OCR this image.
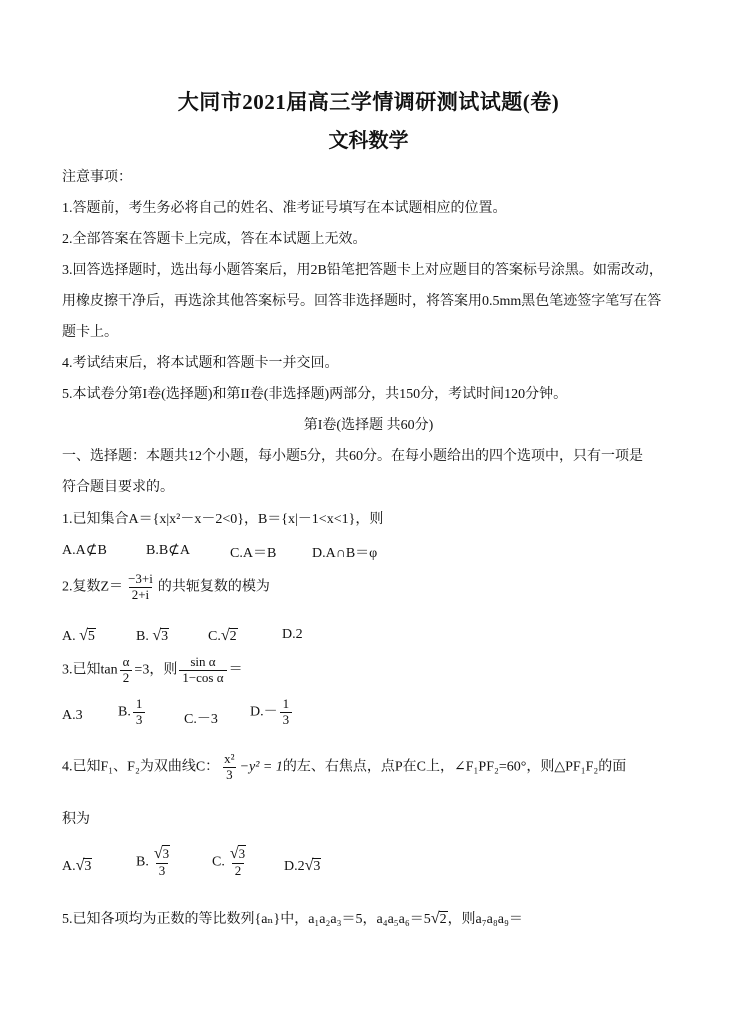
大同市2021届高三学情调研测试试题(卷)
文科数学
注意事项：
1.答题前，考生务必将自己的姓名、准考证号填写在本试题相应的位置。
2.全部答案在答题卡上完成，答在本试题上无效。
3.回答选择题时，选出每小题答案后，用2B铅笔把答题卡上对应题目的答案标号涂黑。如需改动，
用橡皮擦干净后，再选涂其他答案标号。回答非选择题时，将答案用0.5mm黑色笔迹签字笔写在答
题卡上。
4.考试结束后，将本试题和答题卡一并交回。
5.本试卷分第I卷(选择题)和第II卷(非选择题)两部分，共150分，考试时间120分钟。
第I卷(选择题 共60分)
一、选择题：本题共12个小题，每小题5分，共60分。在每小题给出的四个选项中，只有一项是
符合题目要求的。
1.已知集合A＝{x|x²－x－2<0}，B＝{x|－1<x<1}，则
A.A⊄B	B.B⊄A	C.A＝B	D.A∩B＝φ
2.复数$Z= \frac{-3+i}{2+i}$ 的共轭复数的模为
A. √5	B. √3	C.√2	D.2
3.已知$\tan \frac{\alpha}{2} =3$，则 $\frac{\text{sin α}}{\text{1−cos α}}$ ＝
A.3	B. $\frac{1}{3}$	C.－3 $D.- \frac{1}{3}$
4.已知F₁、F₂为双曲线C： $\frac{\text{x²}}{3} -y^2 = 1$的左、右焦点，点P在C上，∠F₁PF₂=60°，则△PF₁F₂的面
积为
A.√3	B. $\frac{√3}{3}$	C. $\frac{√3}{2} D.2√3$
5.已知各项均为正数的等比数列{aₙ}中，a₁a₂a₃＝5，a₄a₅a₆＝5√2，则a₇a₈a₉＝
